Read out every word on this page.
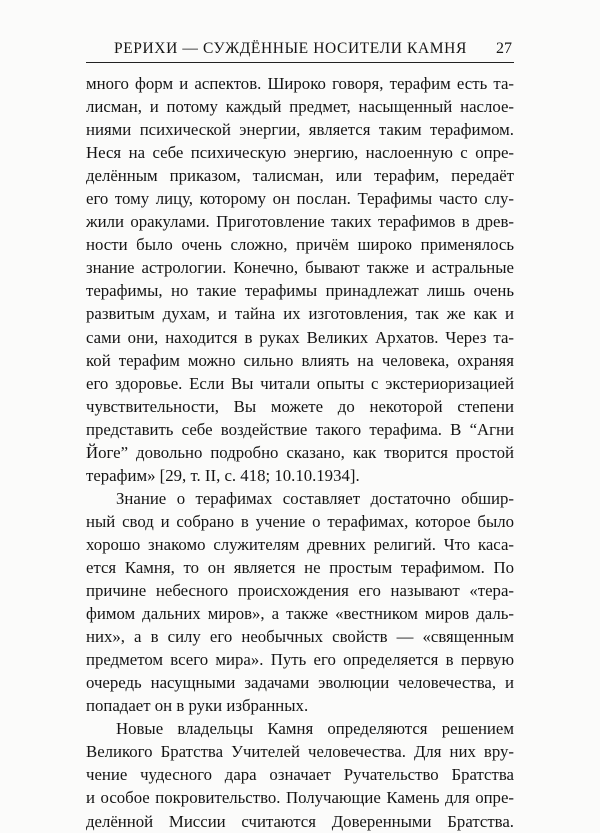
РЕРИХИ — СУЖДЁННЫЕ НОСИТЕЛИ КАМНЯ 27
много форм и аспектов. Широко говоря, терафим есть та-
лисман, и потому каждый предмет, насыщенный наслое-
ниями психической энергии, является таким терафимом.
Неся на себе психическую энергию, наслоенную с опре-
делённым приказом, талисман, или терафим, передаёт
его тому лицу, которому он послан. Терафимы часто слу-
жили оракулами. Приготовление таких терафимов в древ-
ности было очень сложно, причём широко применялось
знание астрологии. Конечно, бывают также и астральные
терафимы, но такие терафимы принадлежат лишь очень
развитым духам, и тайна их изготовления, так же как и
сами они, находится в руках Великих Архатов. Через та-
кой терафим можно сильно влиять на человека, охраняя
его здоровье. Если Вы читали опыты с экстериоризацией
чувствительности, Вы можете до некоторой степени
представить себе воздействие такого терафима. В “Агни
Йоге” довольно подробно сказано, как творится простой
терафим» [29, т. II, с. 418; 10.10.1934].
Знание о терафимах составляет достаточно обшир-
ный свод и собрано в учение о терафимах, которое было
хорошо знакомо служителям древних религий. Что каса-
ется Камня, то он является не простым терафимом. По
причине небесного происхождения его называют «тера-
фимом дальних миров», а также «вестником миров даль-
них», а в силу его необычных свойств — «священным
предметом всего мира». Путь его определяется в первую
очередь насущными задачами эволюции человечества, и
попадает он в руки избранных.
Новые владельцы Камня определяются решением
Великого Братства Учителей человечества. Для них вру-
чение чудесного дара означает Ручательство Братства
и особое покровительство. Получающие Камень для опре-
делённой Миссии считаются Доверенными Братства.
